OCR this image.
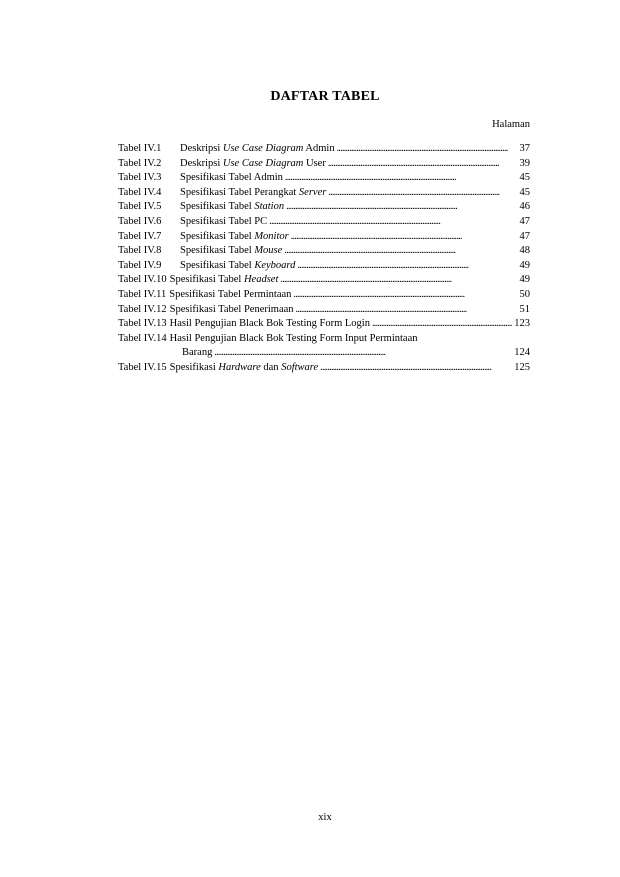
DAFTAR TABEL
Halaman
Tabel IV.1	Deskripsi Use Case Diagram Admin . . .	37
Tabel IV.2	Deskripsi Use Case Diagram User . . .	39
Tabel IV.3	Spesifikasi Tabel Admin . . .	45
Tabel IV.4	Spesifikasi Tabel Perangkat Server . . .	45
Tabel IV.5	Spesifikasi Tabel Station . . .	46
Tabel IV.6	Spesifikasi Tabel PC . . .	47
Tabel IV.7	Spesifikasi Tabel Monitor . . .	47
Tabel IV.8	Spesifikasi Tabel Mouse . . .	48
Tabel IV.9	Spesifikasi Tabel Keyboard . . .	49
Tabel IV.10 Spesifikasi Tabel Headset . . .	49
Tabel IV.11 Spesifikasi Tabel Permintaan . . .	50
Tabel IV.12 Spesifikasi Tabel Penerimaan . . .	51
Tabel IV.13 Hasil Pengujian Black Bok Testing Form Login . . .	123
Tabel IV.14 Hasil Pengujian Black Bok Testing Form Input Permintaan
Barang . . .	124
Tabel IV.15 Spesifikasi Hardware dan Software . . .	125
xix
